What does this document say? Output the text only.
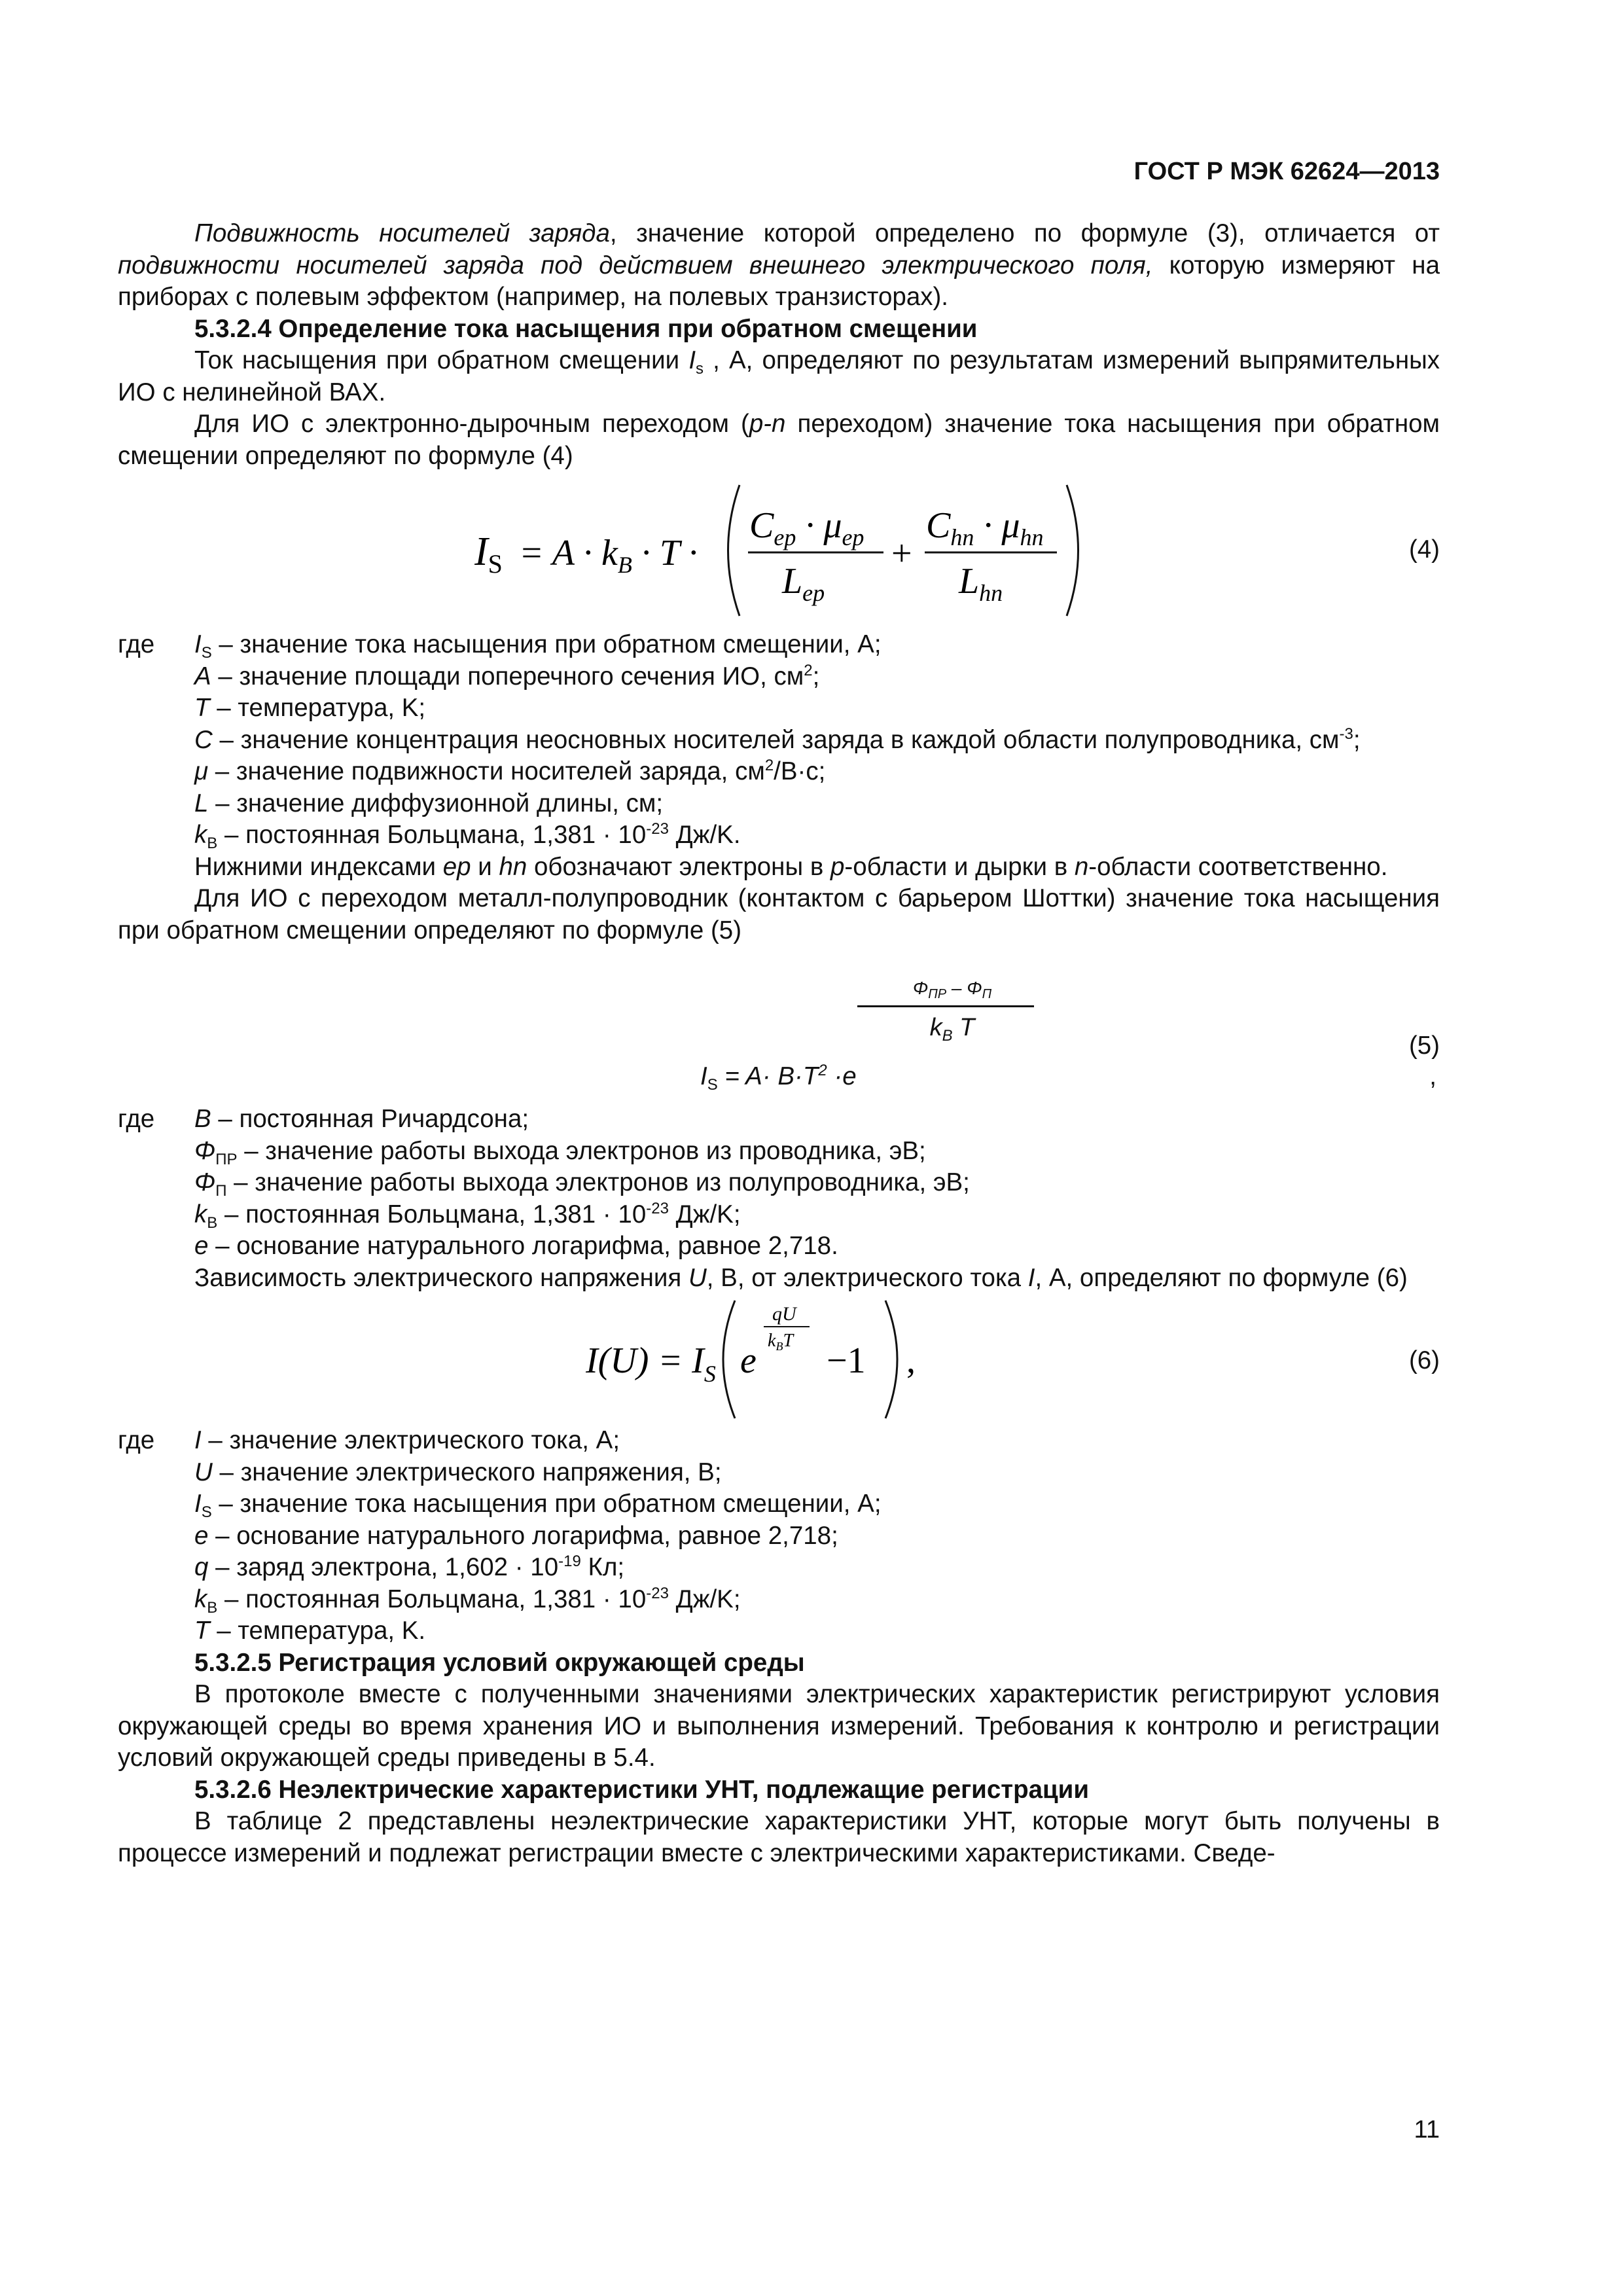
ГОСТ Р МЭК 62624—2013

Подвижность носителей заряда, значение которой определено по формуле (3), отличается от подвижности носителей заряда под действием внешнего электрического поля, которую измеряют на приборах с полевым эффектом (например, на полевых транзисторах).

5.3.2.4 Определение тока насыщения при обратном смещении

Ток насыщения при обратном смещении $I_s$ , А, определяют по результатам измерений выпрямительных ИО с нелинейной ВАХ.

Для ИО с электронно-дырочным переходом (p-n переходом) значение тока насыщения при обратном смещении определяют по формуле (4)

IS = $A \cdot k_B \cdot T$ ·
$C_{ep} \cdot \mu_{ep}$
$L_{ep}$
+
$C_{hn} \cdot \mu_{hn}$
$L_{hn}$
(4)
где $I_S$ – значение тока насыщения при обратном смещении, А;
A – значение площади поперечного сечения ИО, $см^2$;
T – температура, K;
C – значение концентрация неосновных носителей заряда в каждой области полупроводника, $см^{-3}$;
μ – значение подвижности носителей заряда, $см^2/В\cdot с$;
L – значение диффузионной длины, см;
$k_B$ – постоянная Больцмана, $1,381 \cdot 10^{-23}$ Дж/K.

Нижними индексами ep и hn обозначают электроны в p-области и дырки в n-области соответственно.

Для ИО с переходом металл-полупроводник (контактом с барьером Шоттки) значение тока насыщения при обратном смещении определяют по формуле (5)

$\Phi_{ПР} - \Phi_П$
$k_B$ T
$I_S = A\cdot B\cdot T^2 \cdot e$
(5)
,
где B – постоянная Ричардсона;
$\Phi_{ПР}$ – значение работы выхода электронов из проводника, эВ;
$\Phi_П$ – значение работы выхода электронов из полупроводника, эВ;
$k_B$ – постоянная Больцмана, $1,381 \cdot 10^{-23}$ Дж/K;
e – основание натурального логарифма, равное 2,718.

Зависимость электрического напряжения U, В, от электрического тока I, А, определяют по формуле (6)

$I(U) = I_S$ e
qU
$k_BT -1$ ,	(6)
где I – значение электрического тока, А;
U – значение электрического напряжения, В;
$I_S$ – значение тока насыщения при обратном смещении, А;
e – основание натурального логарифма, равное 2,718;
q – заряд электрона, $1,602 \cdot 10^{-19}$ Кл;
$k_B$ – постоянная Больцмана, $1,381 \cdot 10^{-23}$ Дж/K;
T – температура, K.

5.3.2.5 Регистрация условий окружающей среды

В протоколе вместе с полученными значениями электрических характеристик регистрируют условия окружающей среды во время хранения ИО и выполнения измерений. Требования к контролю и регистрации условий окружающей среды приведены в 5.4.

5.3.2.6 Неэлектрические характеристики УНТ, подлежащие регистрации

В таблице 2 представлены неэлектрические характеристики УНТ, которые могут быть получены в процессе измерений и подлежат регистрации вместе с электрическими характеристиками. Сведе-

11
